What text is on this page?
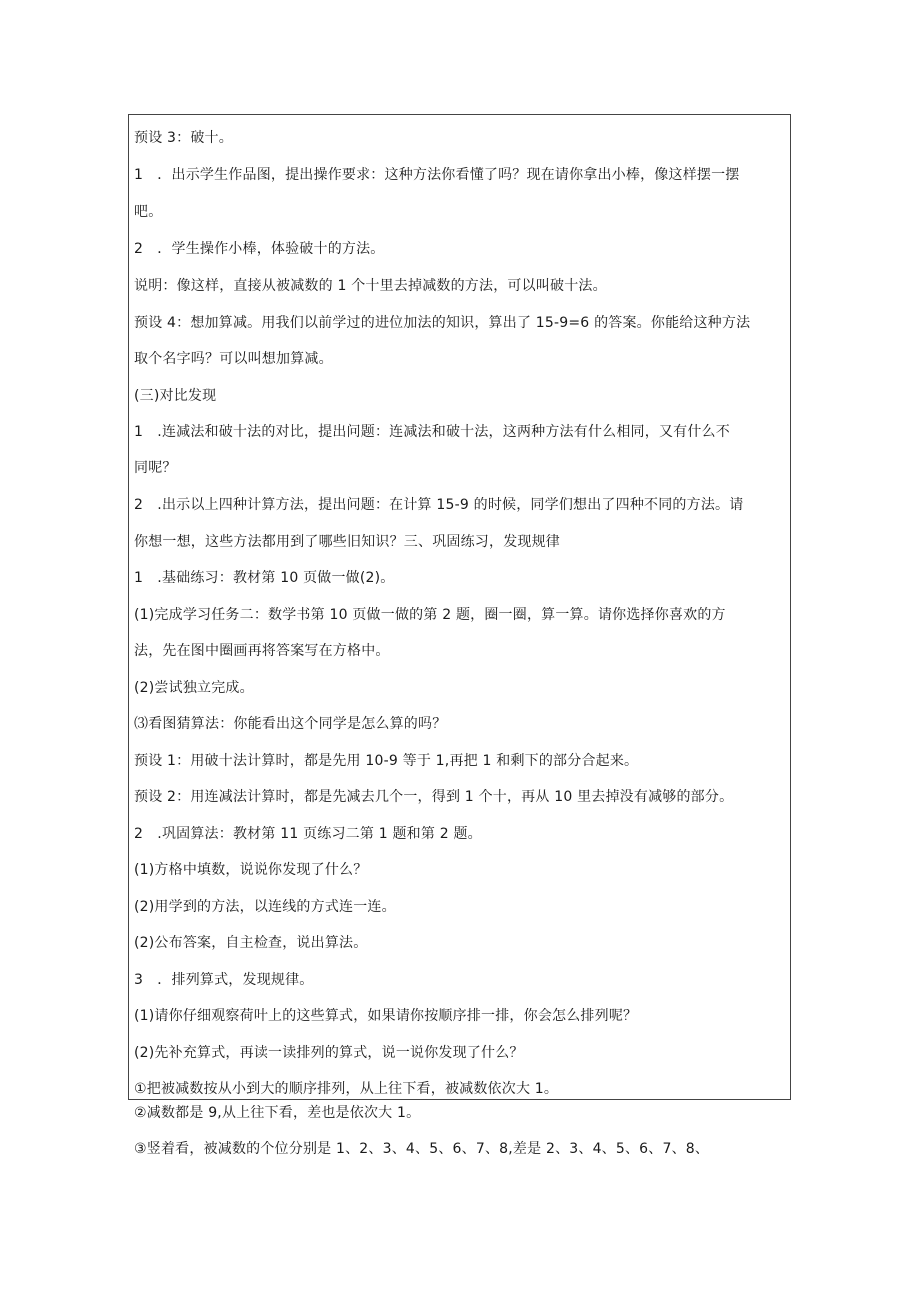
预设 3：破十。
1　．出示学生作品图，提出操作要求：这种方法你看懂了吗？现在请你拿出小棒，像这样摆一摆
吧。
2　．学生操作小棒，体验破十的方法。
说明：像这样，直接从被减数的 1 个十里去掉减数的方法，可以叫破十法。
预设 4：想加算减。用我们以前学过的进位加法的知识，算出了 15-9=6 的答案。你能给这种方法
取个名字吗？可以叫想加算减。
(三)对比发现
1　.连减法和破十法的对比，提出问题：连减法和破十法，这两种方法有什么相同，又有什么不
同呢？
2　.出示以上四种计算方法，提出问题：在计算 15-9 的时候，同学们想出了四种不同的方法。请
你想一想，这些方法都用到了哪些旧知识？三、巩固练习，发现规律
1　.基础练习：教材第 10 页做一做(2)。
(1)完成学习任务二：数学书第 10 页做一做的第 2 题，圈一圈，算一算。请你选择你喜欢的方
法，先在图中圈画再将答案写在方格中。
(2)尝试独立完成。
⑶看图猜算法：你能看出这个同学是怎么算的吗？
预设 1：用破十法计算时，都是先用 10-9 等于 1,再把 1 和剩下的部分合起来。
预设 2：用连减法计算时，都是先减去几个一，得到 1 个十，再从 10 里去掉没有减够的部分。
2　.巩固算法：教材第 11 页练习二第 1 题和第 2 题。
(1)方格中填数，说说你发现了什么？
(2)用学到的方法，以连线的方式连一连。
(2)公布答案，自主检查，说出算法。
3　．排列算式，发现规律。
(1)请你仔细观察荷叶上的这些算式，如果请你按顺序排一排，你会怎么排列呢？
(2)先补充算式，再读一读排列的算式，说一说你发现了什么？
①把被减数按从小到大的顺序排列，从上往下看，被减数依次大 1。
②减数都是 9,从上往下看，差也是依次大 1。
③竖着看，被减数的个位分别是 1、2、3、4、5、6、7、8,差是 2、3、4、5、6、7、8、
